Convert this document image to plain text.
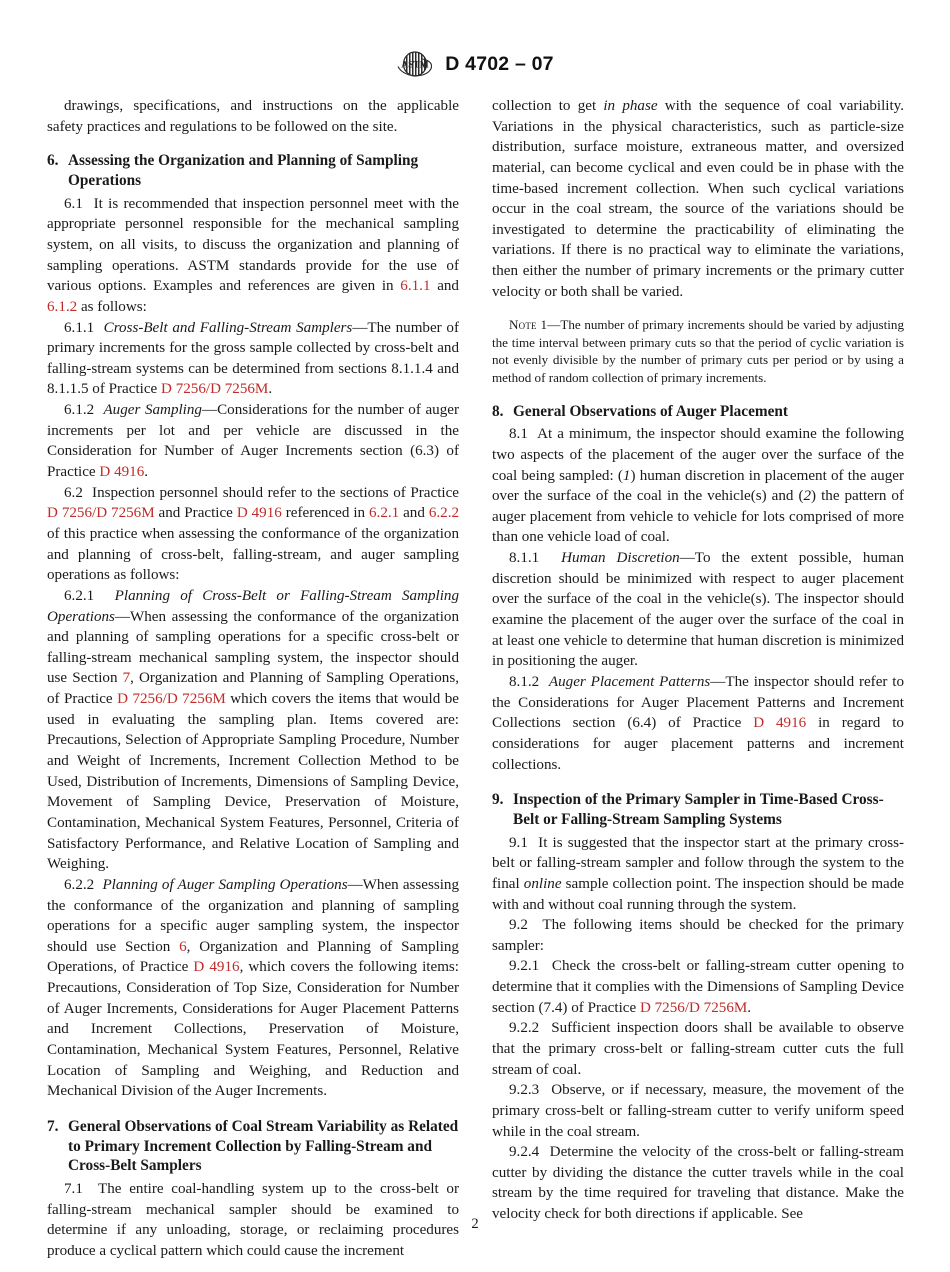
ASTM D 4702 – 07

drawings, specifications, and instructions on the applicable safety practices and regulations to be followed on the site.

6. Assessing the Organization and Planning of Sampling Operations

6.1 It is recommended that inspection personnel meet with the appropriate personnel responsible for the mechanical sampling system, on all visits, to discuss the organization and planning of sampling operations. ASTM standards provide for the use of various options. Examples and references are given in 6.1.1 and 6.1.2 as follows:

6.1.1 Cross-Belt and Falling-Stream Samplers—The number of primary increments for the gross sample collected by cross-belt and falling-stream systems can be determined from sections 8.1.1.4 and 8.1.1.5 of Practice D 7256/D 7256M.

6.1.2 Auger Sampling—Considerations for the number of auger increments per lot and per vehicle are discussed in the Consideration for Number of Auger Increments section (6.3) of Practice D 4916.

6.2 Inspection personnel should refer to the sections of Practice D 7256/D 7256M and Practice D 4916 referenced in 6.2.1 and 6.2.2 of this practice when assessing the conformance of the organization and planning of cross-belt, falling-stream, and auger sampling operations as follows:

6.2.1 Planning of Cross-Belt or Falling-Stream Sampling Operations—When assessing the conformance of the organization and planning of sampling operations for a specific cross-belt or falling-stream mechanical sampling system, the inspector should use Section 7, Organization and Planning of Sampling Operations, of Practice D 7256/D 7256M which covers the items that would be used in evaluating the sampling plan. Items covered are: Precautions, Selection of Appropriate Sampling Procedure, Number and Weight of Increments, Increment Collection Method to be Used, Distribution of Increments, Dimensions of Sampling Device, Movement of Sampling Device, Preservation of Moisture, Contamination, Mechanical System Features, Personnel, Criteria of Satisfactory Performance, and Relative Location of Sampling and Weighing.

6.2.2 Planning of Auger Sampling Operations—When assessing the conformance of the organization and planning of sampling operations for a specific auger sampling system, the inspector should use Section 6, Organization and Planning of Sampling Operations, of Practice D 4916, which covers the following items: Precautions, Consideration of Top Size, Consideration for Number of Auger Increments, Considerations for Auger Placement Patterns and Increment Collections, Preservation of Moisture, Contamination, Mechanical System Features, Personnel, Relative Location of Sampling and Weighing, and Reduction and Mechanical Division of the Auger Increments.

7. General Observations of Coal Stream Variability as Related to Primary Increment Collection by Falling-Stream and Cross-Belt Samplers

7.1 The entire coal-handling system up to the cross-belt or falling-stream mechanical sampler should be examined to determine if any unloading, storage, or reclaiming procedures produce a cyclical pattern which could cause the increment

collection to get in phase with the sequence of coal variability. Variations in the physical characteristics, such as particle-size distribution, surface moisture, extraneous matter, and oversized material, can become cyclical and even could be in phase with the time-based increment collection. When such cyclical variations occur in the coal stream, the source of the variations should be investigated to determine the practicability of eliminating the variations. If there is no practical way to eliminate the variations, then either the number of primary increments or the primary cutter velocity or both shall be varied.

Note 1—The number of primary increments should be varied by adjusting the time interval between primary cuts so that the period of cyclic variation is not evenly divisible by the number of primary cuts per period or by using a method of random collection of primary increments.

8. General Observations of Auger Placement

8.1 At a minimum, the inspector should examine the following two aspects of the placement of the auger over the surface of the coal being sampled: (1) human discretion in placement of the auger over the surface of the coal in the vehicle(s) and (2) the pattern of auger placement from vehicle to vehicle for lots comprised of more than one vehicle load of coal.

8.1.1 Human Discretion—To the extent possible, human discretion should be minimized with respect to auger placement over the surface of the coal in the vehicle(s). The inspector should examine the placement of the auger over the surface of the coal in at least one vehicle to determine that human discretion is minimized in positioning the auger.

8.1.2 Auger Placement Patterns—The inspector should refer to the Considerations for Auger Placement Patterns and Increment Collections section (6.4) of Practice D 4916 in regard to considerations for auger placement patterns and increment collections.

9. Inspection of the Primary Sampler in Time-Based Cross-Belt or Falling-Stream Sampling Systems

9.1 It is suggested that the inspector start at the primary cross-belt or falling-stream sampler and follow through the system to the final online sample collection point. The inspection should be made with and without coal running through the system.

9.2 The following items should be checked for the primary sampler:

9.2.1 Check the cross-belt or falling-stream cutter opening to determine that it complies with the Dimensions of Sampling Device section (7.4) of Practice D 7256/D 7256M.

9.2.2 Sufficient inspection doors shall be available to observe that the primary cross-belt or falling-stream cutter cuts the full stream of coal.

9.2.3 Observe, or if necessary, measure, the movement of the primary cross-belt or falling-stream cutter to verify uniform speed while in the coal stream.

9.2.4 Determine the velocity of the cross-belt or falling-stream cutter by dividing the distance the cutter travels while in the coal stream by the time required for traveling that distance. Make the velocity check for both directions if applicable. See

2
